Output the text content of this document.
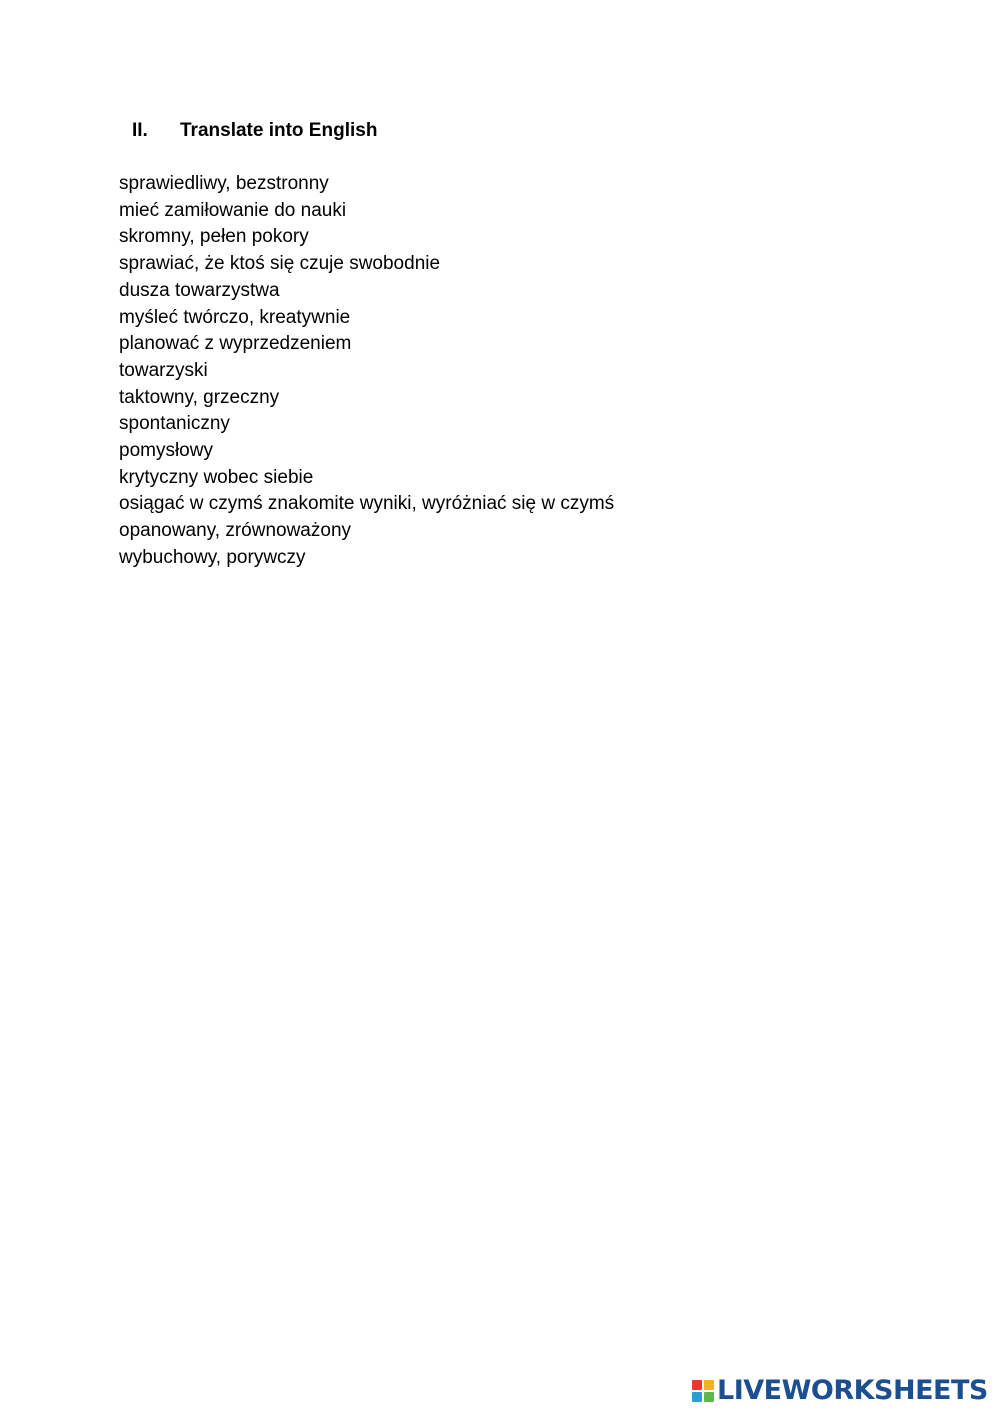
II. Translate into English
sprawiedliwy, bezstronny
mieć zamiłowanie do nauki
skromny, pełen pokory
sprawiać, że ktoś się czuje swobodnie
dusza towarzystwa
myśleć twórczo, kreatywnie
planować z wyprzedzeniem
towarzyski
taktowny, grzeczny
spontaniczny
pomysłowy
krytyczny wobec siebie
osiągać w czymś znakomite wyniki, wyróżniać się w czymś
opanowany, zrównoważony
wybuchowy, porywczy
LIVEWORKSHEETS
